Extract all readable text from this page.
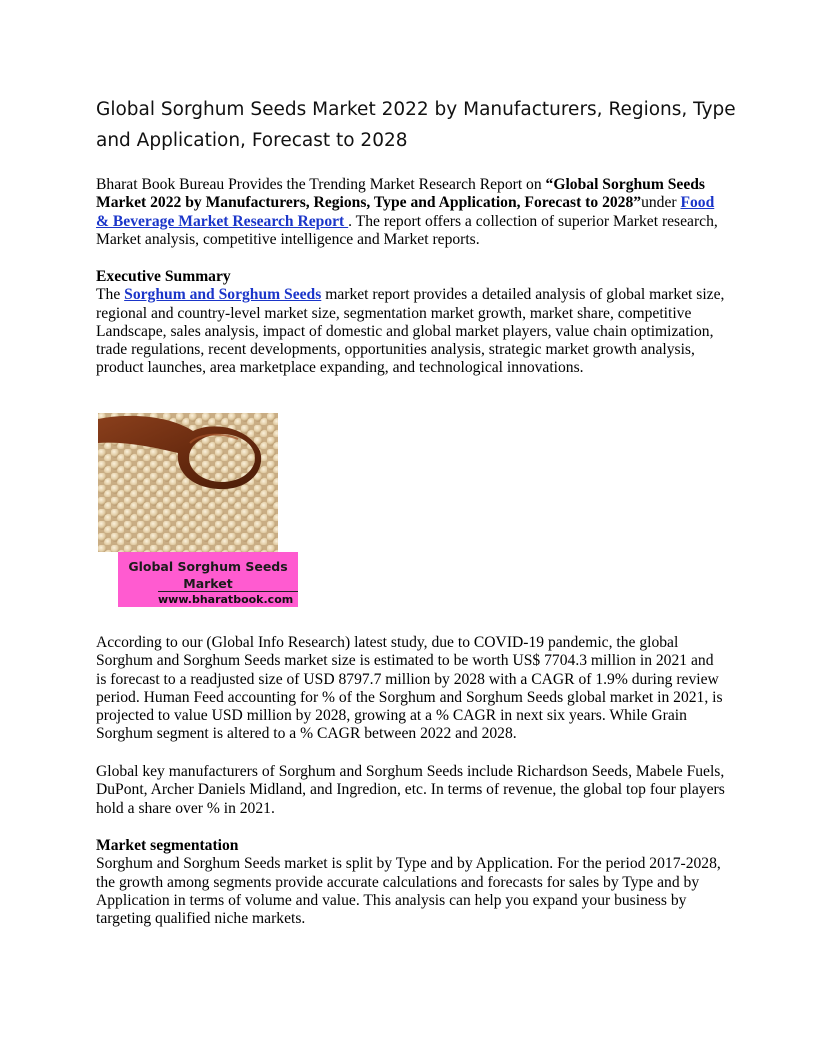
Global Sorghum Seeds Market 2022 by Manufacturers, Regions, Type and Application, Forecast to 2028

Bharat Book Bureau Provides the Trending Market Research Report on “Global Sorghum Seeds Market 2022 by Manufacturers, Regions, Type and Application, Forecast to 2028”under Food & Beverage Market Research Report . The report offers a collection of superior Market research, Market analysis, competitive intelligence and Market reports.

Executive Summary
The Sorghum and Sorghum Seeds market report provides a detailed analysis of global market size, regional and country-level market size, segmentation market growth, market share, competitive Landscape, sales analysis, impact of domestic and global market players, value chain optimization, trade regulations, recent developments, opportunities analysis, strategic market growth analysis, product launches, area marketplace expanding, and technological innovations.

Global Sorghum Seeds Market
www.bharatbook.com

According to our (Global Info Research) latest study, due to COVID-19 pandemic, the global Sorghum and Sorghum Seeds market size is estimated to be worth US$ 7704.3 million in 2021 and is forecast to a readjusted size of USD 8797.7 million by 2028 with a CAGR of 1.9% during review period. Human Feed accounting for % of the Sorghum and Sorghum Seeds global market in 2021, is projected to value USD million by 2028, growing at a % CAGR in next six years. While Grain Sorghum segment is altered to a % CAGR between 2022 and 2028.

Global key manufacturers of Sorghum and Sorghum Seeds include Richardson Seeds, Mabele Fuels, DuPont, Archer Daniels Midland, and Ingredion, etc. In terms of revenue, the global top four players hold a share over % in 2021.

Market segmentation
Sorghum and Sorghum Seeds market is split by Type and by Application. For the period 2017-2028, the growth among segments provide accurate calculations and forecasts for sales by Type and by Application in terms of volume and value. This analysis can help you expand your business by targeting qualified niche markets.
